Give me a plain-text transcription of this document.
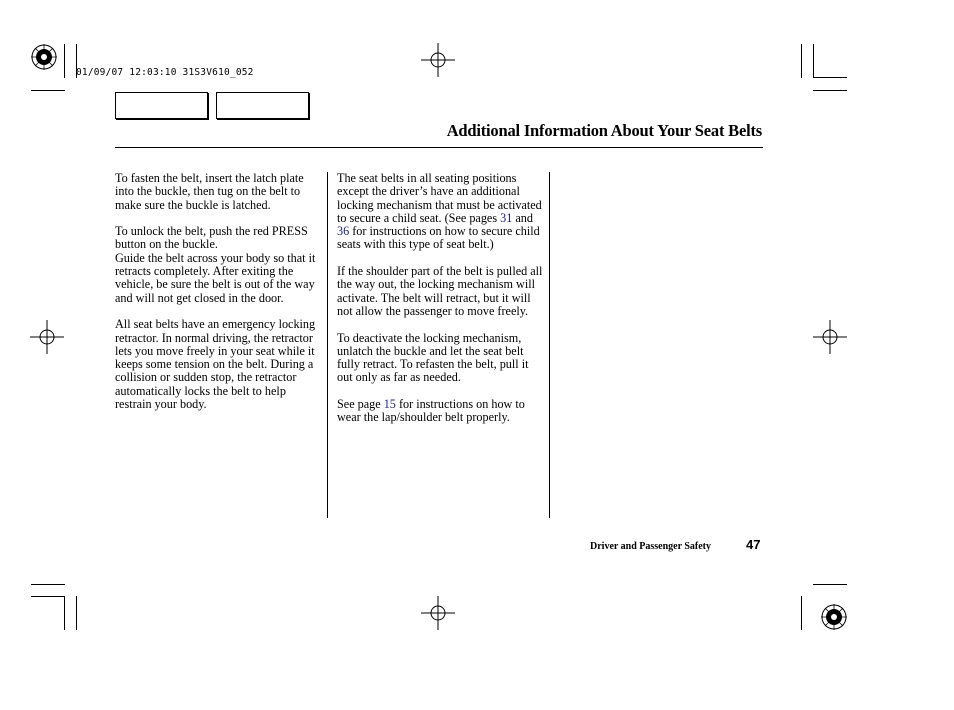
01/09/07 12:03:10 31S3V610_052
Additional Information About Your Seat Belts

To fasten the belt, insert the latch plate into the buckle, then tug on the belt to make sure the buckle is latched.

To unlock the belt, push the red PRESS button on the buckle.

Guide the belt across your body so that it retracts completely. After exiting the vehicle, be sure the belt is out of the way and will not get closed in the door.

All seat belts have an emergency locking retractor. In normal driving, the retractor lets you move freely in your seat while it keeps some tension on the belt. During a collision or sudden stop, the retractor automatically locks the belt to help restrain your body.

The seat belts in all seating positions except the driver’s have an additional locking mechanism that must be activated to secure a child seat. (See pages 31 and 36 for instructions on how to secure child seats with this type of seat belt.)

If the shoulder part of the belt is pulled all the way out, the locking mechanism will activate. The belt will retract, but it will not allow the passenger to move freely.

To deactivate the locking mechanism, unlatch the buckle and let the seat belt fully retract. To refasten the belt, pull it out only as far as needed.

See page 15 for instructions on how to wear the lap/shoulder belt properly.

Driver and Passenger Safety	47
